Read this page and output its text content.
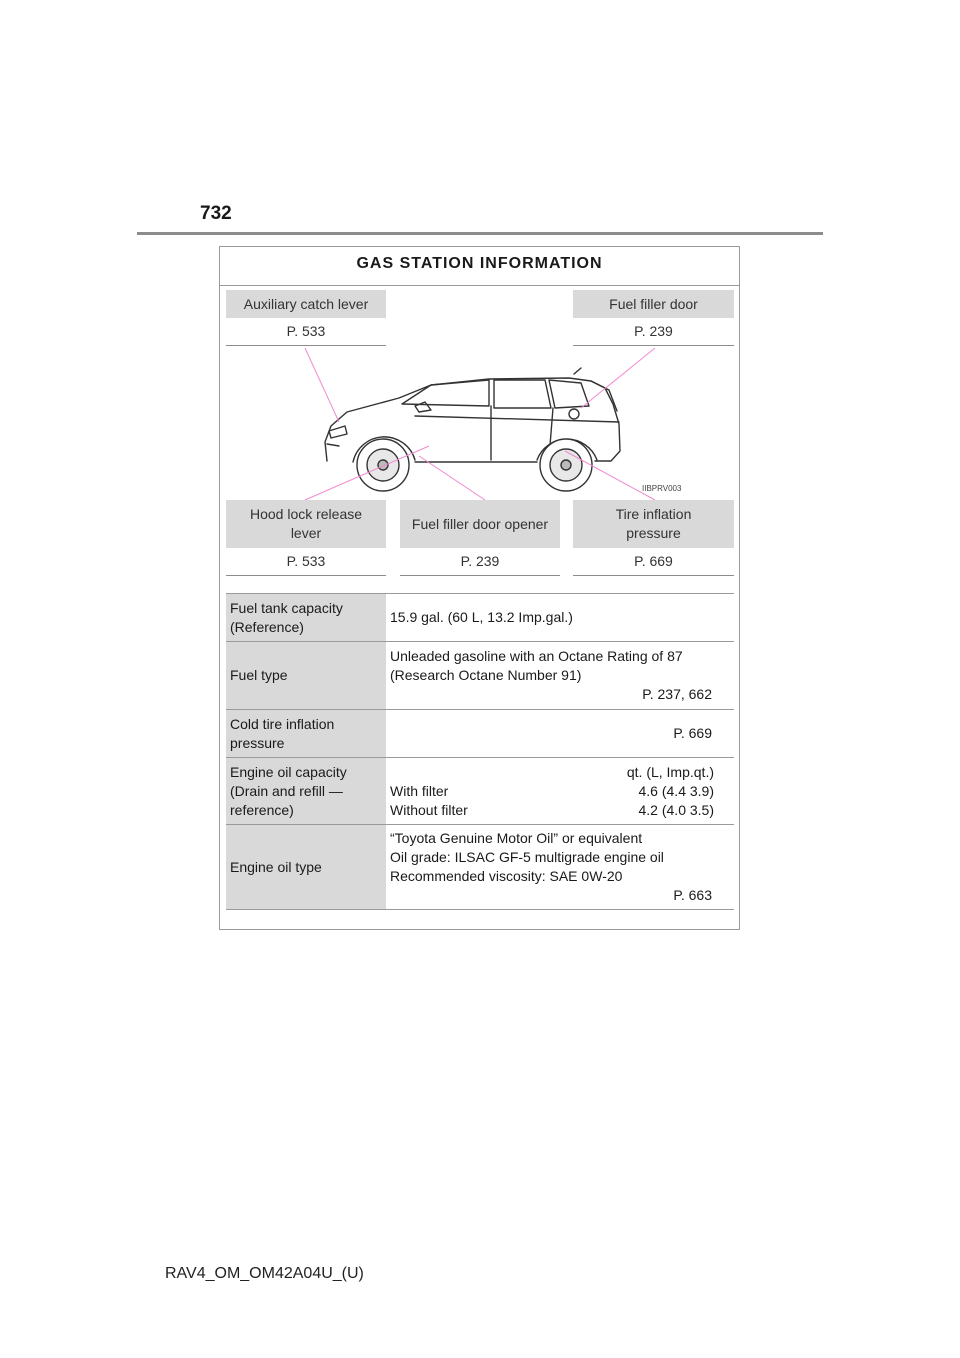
732
GAS STATION INFORMATION
Auxiliary catch lever
P. 533
Fuel filler door
P. 239
IIBPRV003
Hood lock release
lever
P. 533
Fuel filler door opener
P. 239
Tire inflation
pressure
P. 669
Fuel tank capacity
(Reference)
15.9 gal. (60 L, 13.2 Imp.gal.)
Fuel type
Unleaded gasoline with an Octane Rating of 87
(Research Octane Number 91)
P. 237, 662
Cold tire inflation
pressure
P. 669
Engine oil capacity
(Drain and refill —
reference)
qt. (L, Imp.qt.)
With filter	4.6 (4.4 3.9)
Without filter	4.2 (4.0 3.5)
Engine oil type
“Toyota Genuine Motor Oil” or equivalent
Oil grade: ILSAC GF-5 multigrade engine oil
Recommended viscosity: SAE 0W-20
P. 663
RAV4_OM_OM42A04U_(U)
